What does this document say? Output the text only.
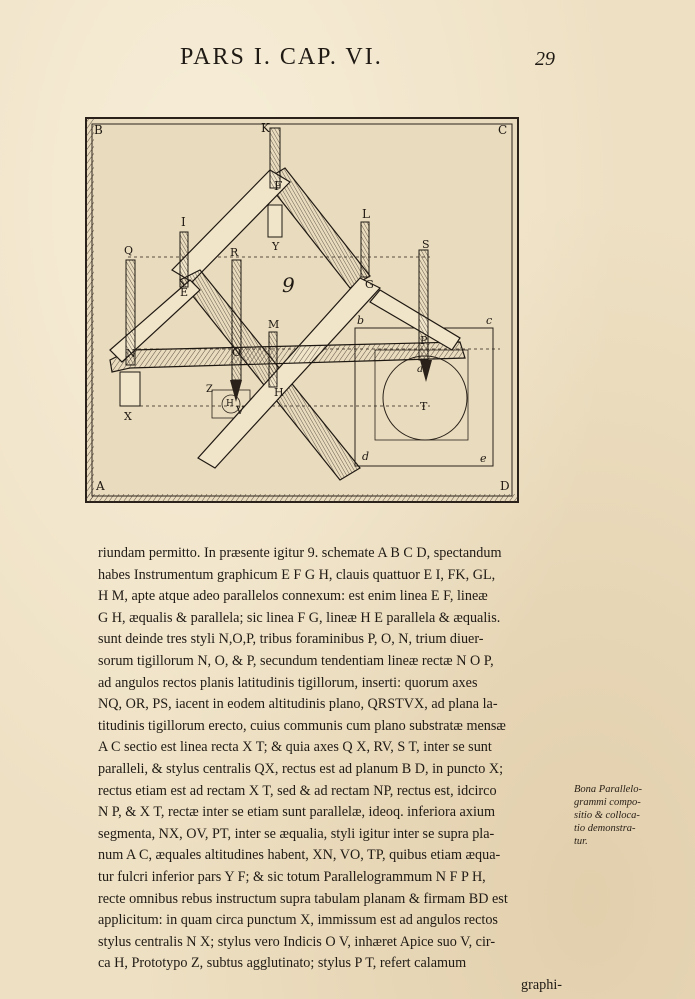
PARS I. CAP. VI.	29
B	K	C
F
I
L
R	Y
Q	S
E
G
9
N	O
P
b	c
M
a
Z
H
X	V
H
T
d	e
A	D
riundam permitto. In præsente igitur 9. schemate A B C D, spectandum
habes Instrumentum graphicum E F G H, clauis quattuor E I, FK, GL,
H M, apte atque adeo parallelos connexum: est enim linea E F, lineæ
G H, æqualis & parallela; sic linea F G, lineæ H E parallela & æqualis.
sunt deinde tres styli N,O,P, tribus foraminibus P, O, N, trium diuer-
sorum tigillorum N, O, & P, secundum tendentiam lineæ rectæ N O P,
ad angulos rectos planis latitudinis tigillorum, inserti: quorum axes
NQ, OR, PS, iacent in eodem altitudinis plano, QRSTVX, ad plana la-
titudinis tigillorum erecto, cuius communis cum plano substratæ mensæ
A C sectio est linea recta X T; & quia axes Q X, RV, S T, inter se sunt
paralleli, & stylus centralis QX, rectus est ad planum B D, in puncto X;
rectus etiam est ad rectam X T, sed & ad rectam NP, rectus est, idcirco
N P, & X T, rectæ inter se etiam sunt parallelæ, ideoq. inferiora axium
segmenta, NX, OV, PT, inter se æqualia, styli igitur inter se supra pla-
num A C, æquales altitudines habent, XN, VO, TP, quibus etiam æqua-
tur fulcri inferior pars Y F; & sic totum Parallelogrammum N F P H,
recte omnibus rebus instructum supra tabulam planam & firmam BD est
applicitum: in quam circa punctum X, immissum est ad angulos rectos
stylus centralis N X; stylus vero Indicis O V, inhæret Apice suo V, cir-
ca H, Prototypo Z, subtus agglutinato; stylus P T, refert calamum
graphi-
Bona Parallelo-
grammi compo-
sitio & colloca-
tio demonstra-
tur.
